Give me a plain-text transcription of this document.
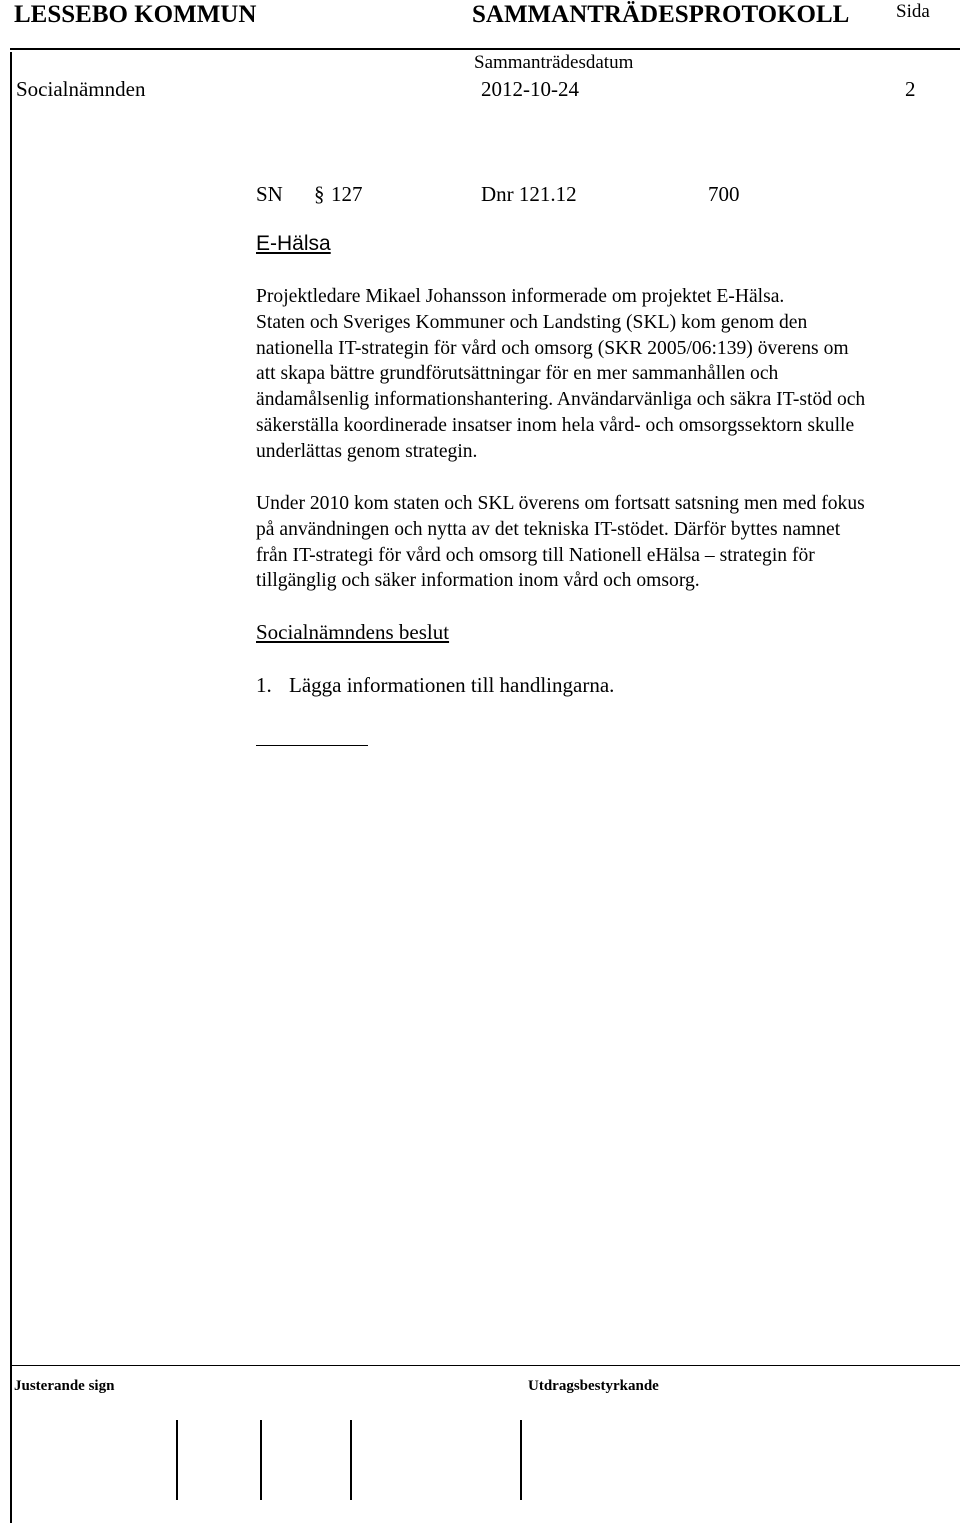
LESSEBO KOMMUN	SAMMANTRÄDESPROTOKOLL Sida
Sammanträdesdatum
Socialnämnden	2012-10-24	2
SN § 127	Dnr 121.12	700
E-Hälsa
Projektledare Mikael Johansson informerade om projektet E-Hälsa.
Staten och Sveriges Kommuner och Landsting (SKL) kom genom den
nationella IT-strategin för vård och omsorg (SKR 2005/06:139) överens om
att skapa bättre grundförutsättningar för en mer sammanhållen och
ändamålsenlig informationshantering. Användarvänliga och säkra IT-stöd och
säkerställa koordinerade insatser inom hela vård- och omsorgssektorn skulle
underlättas genom strategin.
Under 2010 kom staten och SKL överens om fortsatt satsning men med fokus
på användningen och nytta av det tekniska IT-stödet. Därför byttes namnet
från IT-strategi för vård och omsorg till Nationell eHälsa – strategin för
tillgänglig och säker information inom vård och omsorg.
Socialnämndens beslut
1. Lägga informationen till handlingarna.
Justerande sign	Utdragsbestyrkande
